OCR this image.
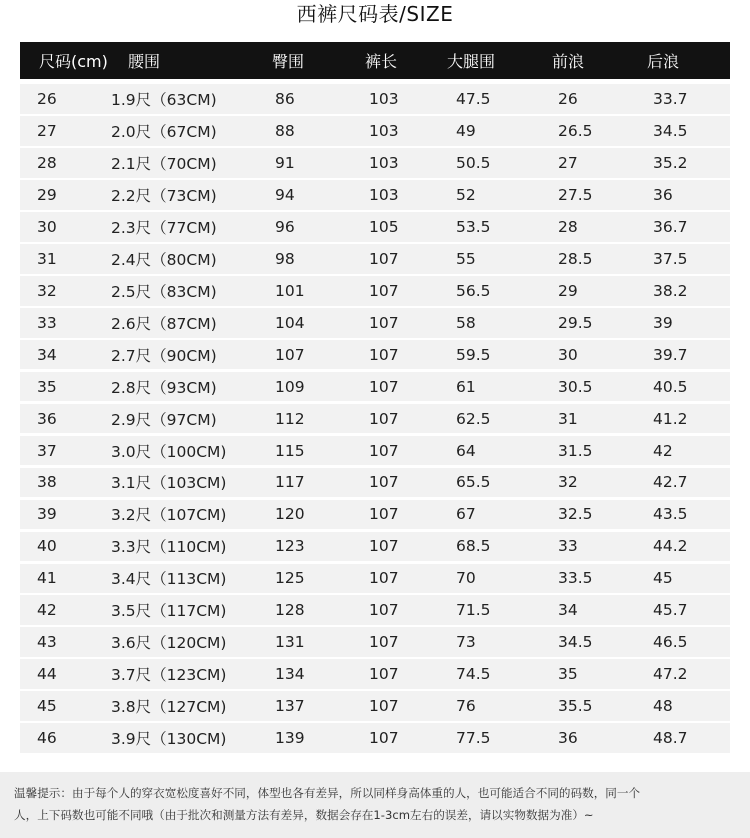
西裤尺码表/SIZE
尺码(cm)	腰围	臀围	裤长	大腿围	前浪	后浪
26	1.9尺（63CM)	86	103	47.5	26	33.7
27	2.0尺（67CM)	88	103	49	26.5	34.5
28	2.1尺（70CM)	91	103	50.5	27	35.2
29	2.2尺（73CM)	94	103	52	27.5	36
30	2.3尺（77CM)	96	105	53.5	28	36.7
31	2.4尺（80CM)	98	107	55	28.5	37.5
32	2.5尺（83CM)	101	107	56.5	29	38.2
33	2.6尺（87CM)	104	107	58	29.5	39
34	2.7尺（90CM)	107	107	59.5	30	39.7
35	2.8尺（93CM)	109	107	61	30.5	40.5
36	2.9尺（97CM)	112	107	62.5	31	41.2
37	3.0尺（100CM)	115	107	64	31.5	42
38	3.1尺（103CM)	117	107	65.5	32	42.7
39	3.2尺（107CM)	120	107	67	32.5	43.5
40	3.3尺（110CM)	123	107	68.5	33	44.2
41	3.4尺（113CM)	125	107	70	33.5	45
42	3.5尺（117CM)	128	107	71.5	34	45.7
43	3.6尺（120CM)	131	107	73	34.5	46.5
44	3.7尺（123CM)	134	107	74.5	35	47.2
45	3.8尺（127CM)	137	107	76	35.5	48
46	3.9尺（130CM)	139	107	77.5	36	48.7
温馨提示：由于每个人的穿衣宽松度喜好不同，体型也各有差异，所以同样身高体重的人，也可能适合不同的码数，同一个
人，上下码数也可能不同哦（由于批次和测量方法有差异，数据会存在1-3cm左右的误差，请以实物数据为准）~
